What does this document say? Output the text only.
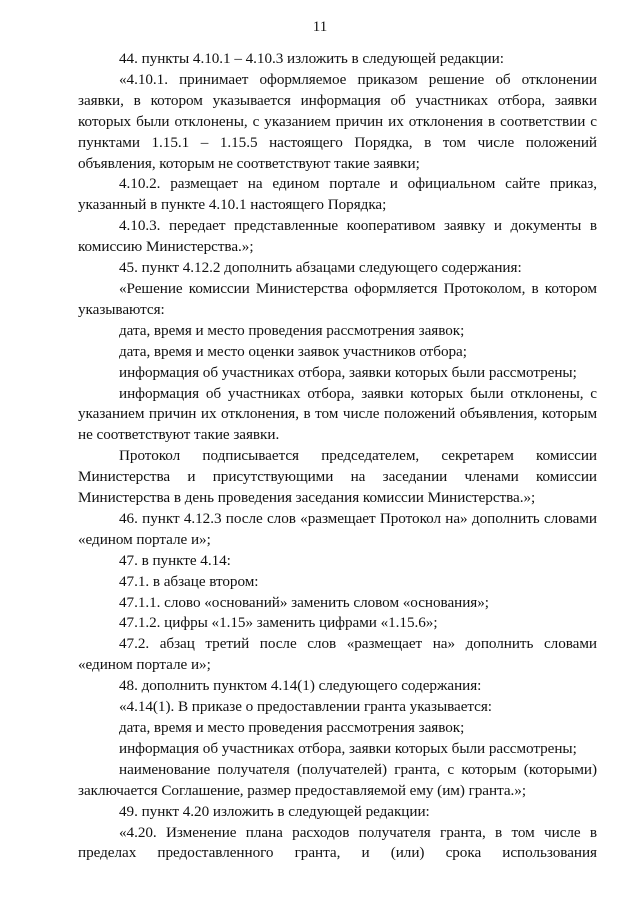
11

44. пункты 4.10.1 – 4.10.3 изложить в следующей редакции:

«4.10.1. принимает оформляемое приказом решение об отклонении заявки, в котором указывается информация об участниках отбора, заявки которых были отклонены, с указанием причин их отклонения в соответствии с пунктами 1.15.1 – 1.15.5 настоящего Порядка, в том числе положений объявления, которым не соответствуют такие заявки;

4.10.2. размещает на едином портале и официальном сайте приказ, указанный в пункте 4.10.1 настоящего Порядка;

4.10.3. передает представленные кооперативом заявку и документы в комиссию Министерства.»;

45. пункт 4.12.2 дополнить абзацами следующего содержания:

«Решение комиссии Министерства оформляется Протоколом, в котором указываются:

дата, время и место проведения рассмотрения заявок;

дата, время и место оценки заявок участников отбора;

информация об участниках отбора, заявки которых были рассмотрены;

информация об участниках отбора, заявки которых были отклонены, с указанием причин их отклонения, в том числе положений объявления, которым не соответствуют такие заявки.

Протокол подписывается председателем, секретарем комиссии Министерства и присутствующими на заседании членами комиссии Министерства в день проведения заседания комиссии Министерства.»;

46. пункт 4.12.3 после слов «размещает Протокол на» дополнить словами «едином портале и»;

47. в пункте 4.14:

47.1. в абзаце втором:

47.1.1. слово «оснований» заменить словом «основания»;

47.1.2. цифры «1.15» заменить цифрами «1.15.6»;

47.2. абзац третий после слов «размещает на» дополнить словами «едином портале и»;

48. дополнить пунктом 4.14(1) следующего содержания:

«4.14(1). В приказе о предоставлении гранта указывается:

дата, время и место проведения рассмотрения заявок;

информация об участниках отбора, заявки которых были рассмотрены;

наименование получателя (получателей) гранта, с которым (которыми) заключается Соглашение, размер предоставляемой ему (им) гранта.»;

49. пункт 4.20 изложить в следующей редакции:

«4.20. Изменение плана расходов получателя гранта, в том числе в пределах предоставленного гранта, и (или) срока использования
